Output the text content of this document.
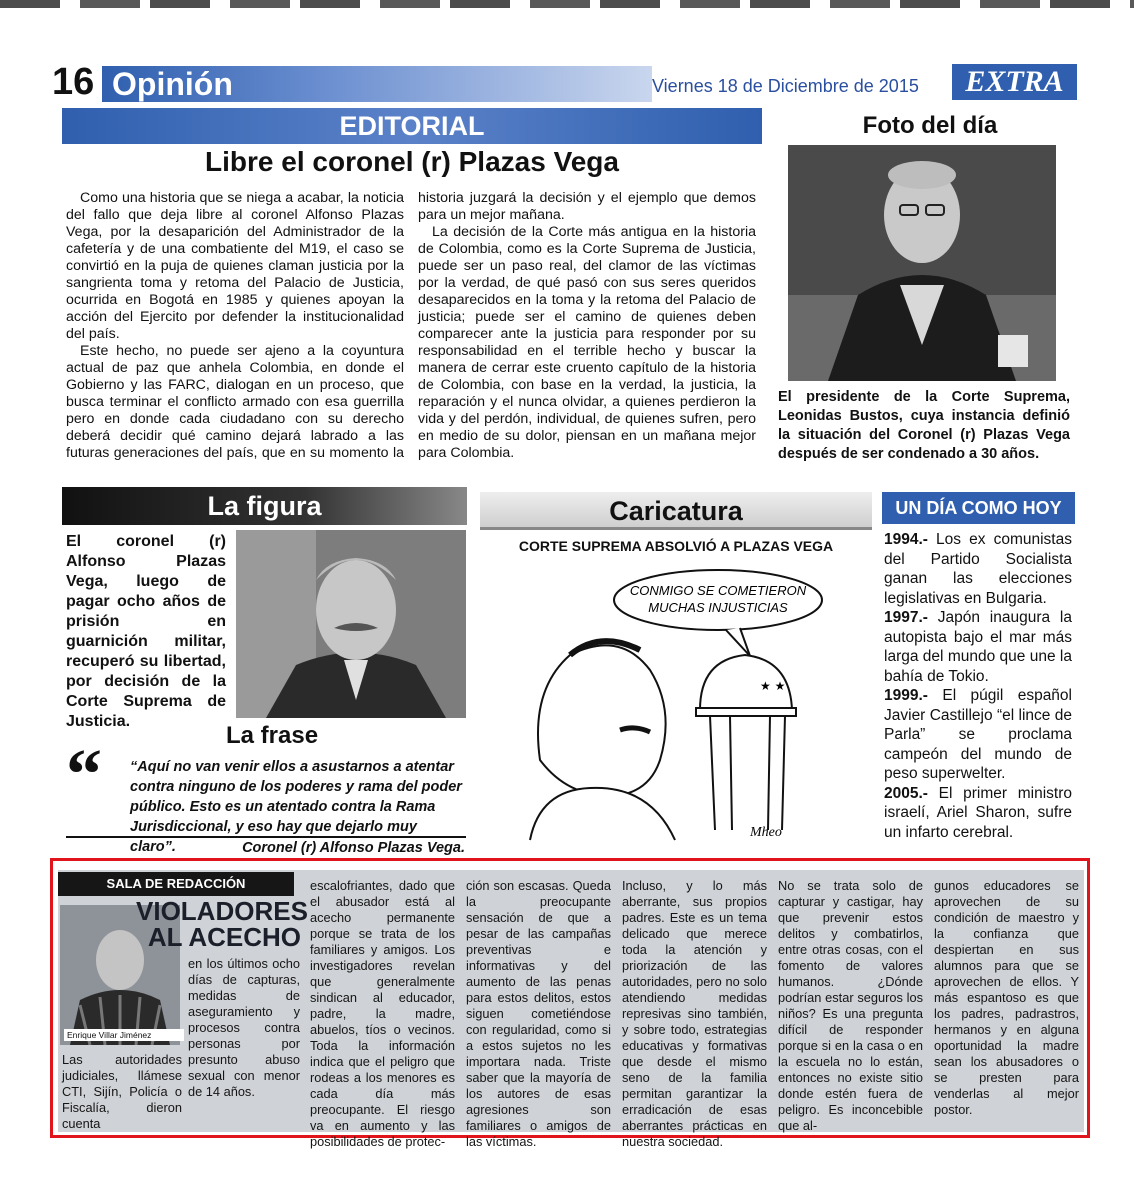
16 Opinión	Viernes 18 de Diciembre de 2015	EXTRA
EDITORIAL
Libre el coronel (r) Plazas Vega

Como una historia que se niega a acabar, la noticia del fallo que deja libre al coronel Alfonso Plazas Vega, por la desaparición del Administrador de la cafetería y de una combatiente del M19, el caso se convirtió en la puja de quienes claman justicia por la sangrienta toma y retoma del Palacio de Justicia, ocurrida en Bogotá en 1985 y quienes apoyan la acción del Ejercito por defender la institucionalidad del país.

Este hecho, no puede ser ajeno a la coyuntura actual de paz que anhela Colombia, en donde el Gobierno y las FARC, dialogan en un proceso, que busca terminar el conflicto armado con esa guerrilla pero en donde cada ciudadano con su derecho deberá decidir qué camino dejará labrado a las futuras generaciones del país, que en su momento la historia juzgará la decisión y el ejemplo que demos para un mejor mañana.

La decisión de la Corte más antigua en la historia de Colombia, como es la Corte Suprema de Justicia, puede ser un paso real, del clamor de las víctimas por la verdad, de qué pasó con sus seres queridos desaparecidos en la toma y la retoma del Palacio de justicia; puede ser el camino de quienes deben comparecer ante la justicia para responder por su responsabilidad en el terrible hecho y buscar la manera de cerrar este cruento capítulo de la historia de Colombia, con base en la verdad, la justicia, la reparación y el nunca olvidar, a quienes perdieron la vida y del perdón, individual, de quienes sufren, pero en medio de su dolor, piensan en un mañana mejor para Colombia.

Foto del día
El presidente de la Corte Suprema, Leonidas Bustos, cuya instancia definió la situación del Coronel (r) Plazas Vega después de ser condenado a 30 años.
La figura
El coronel (r) Alfonso Plazas Vega, luego de pagar ocho años de prisión en guarnición militar, recuperó su libertad, por decisión de la Corte Suprema de Justicia.
La frase
“ “Aquí no van venir ellos a asustarnos a atentar contra ninguno de los poderes y rama del poder público. Esto es un atentado contra la Rama Jurisdiccional, y eso hay que dejarlo muy claro”.	Coronel (r) Alfonso Plazas Vega.
Caricatura
CORTE SUPREMA ABSOLVIÓ A PLAZAS VEGA
CONMIGO SE COMETIERON
MUCHAS INJUSTICIAS
★ ★
Mheo
UN DÍA COMO HOY

1994.- Los ex comunistas del Partido Socialista ganan las elecciones legislativas en Bulgaria.

1997.- Japón inaugura la autopista bajo el mar más larga del mundo que une la bahía de Tokio.

1999.- El púgil español Javier Castillejo “el lince de Parla” se proclama campeón del mundo de peso superwelter.

2005.- El primer ministro israelí, Ariel Sharon, sufre un infarto cerebral.

SALA DE REDACCIÓN
VIOLADORES
AL ACECHO
Enrique Villar Jiménez
en los últimos ocho días de capturas, medidas de aseguramiento y procesos contra personas por presunto abuso sexual con menor de 14 años.
Las autoridades judiciales, llámese CTI, Sijín, Policía o Fiscalía, dieron cuenta
escalofriantes, dado que el abusador está al acecho permanente porque se trata de los familiares y amigos. Los investigadores revelan que generalmente sindican al educador, padre, la madre, abuelos, tíos o vecinos. Toda la información indica que el peligro que rodeas a los menores es cada día más preocupante. El riesgo va en aumento y las posibilidades de protec-
ción son escasas. Queda la preocupante sensación de que a pesar de las campañas preventivas e informativas y del aumento de las penas para estos delitos, estos siguen cometiéndose con regularidad, como si a estos sujetos no les importara nada. Triste saber que la mayoría de los autores de esas agresiones son familiares o amigos de las víctimas.
Incluso, y lo más aberrante, sus propios padres. Este es un tema delicado que merece toda la atención y priorización de las autoridades, pero no solo atendiendo medidas represivas sino también, y sobre todo, estrategias educativas y formativas que desde el mismo seno de la familia permitan garantizar la erradicación de esas aberrantes prácticas en nuestra sociedad.
No se trata solo de capturar y castigar, hay que prevenir estos delitos y combatirlos, entre otras cosas, con el fomento de valores humanos. ¿Dónde podrían estar seguros los niños? Es una pregunta difícil de responder porque si en la casa o en la escuela no lo están, entonces no existe sitio donde estén fuera de peligro. Es inconcebible que al-
gunos educadores se aprovechen de su condición de maestro y la confianza que despiertan en sus alumnos para que se aprovechen de ellos. Y más espantoso es que los padres, padrastros, hermanos y en alguna oportunidad la madre sean los abusadores o se presten para venderlas al mejor postor.
